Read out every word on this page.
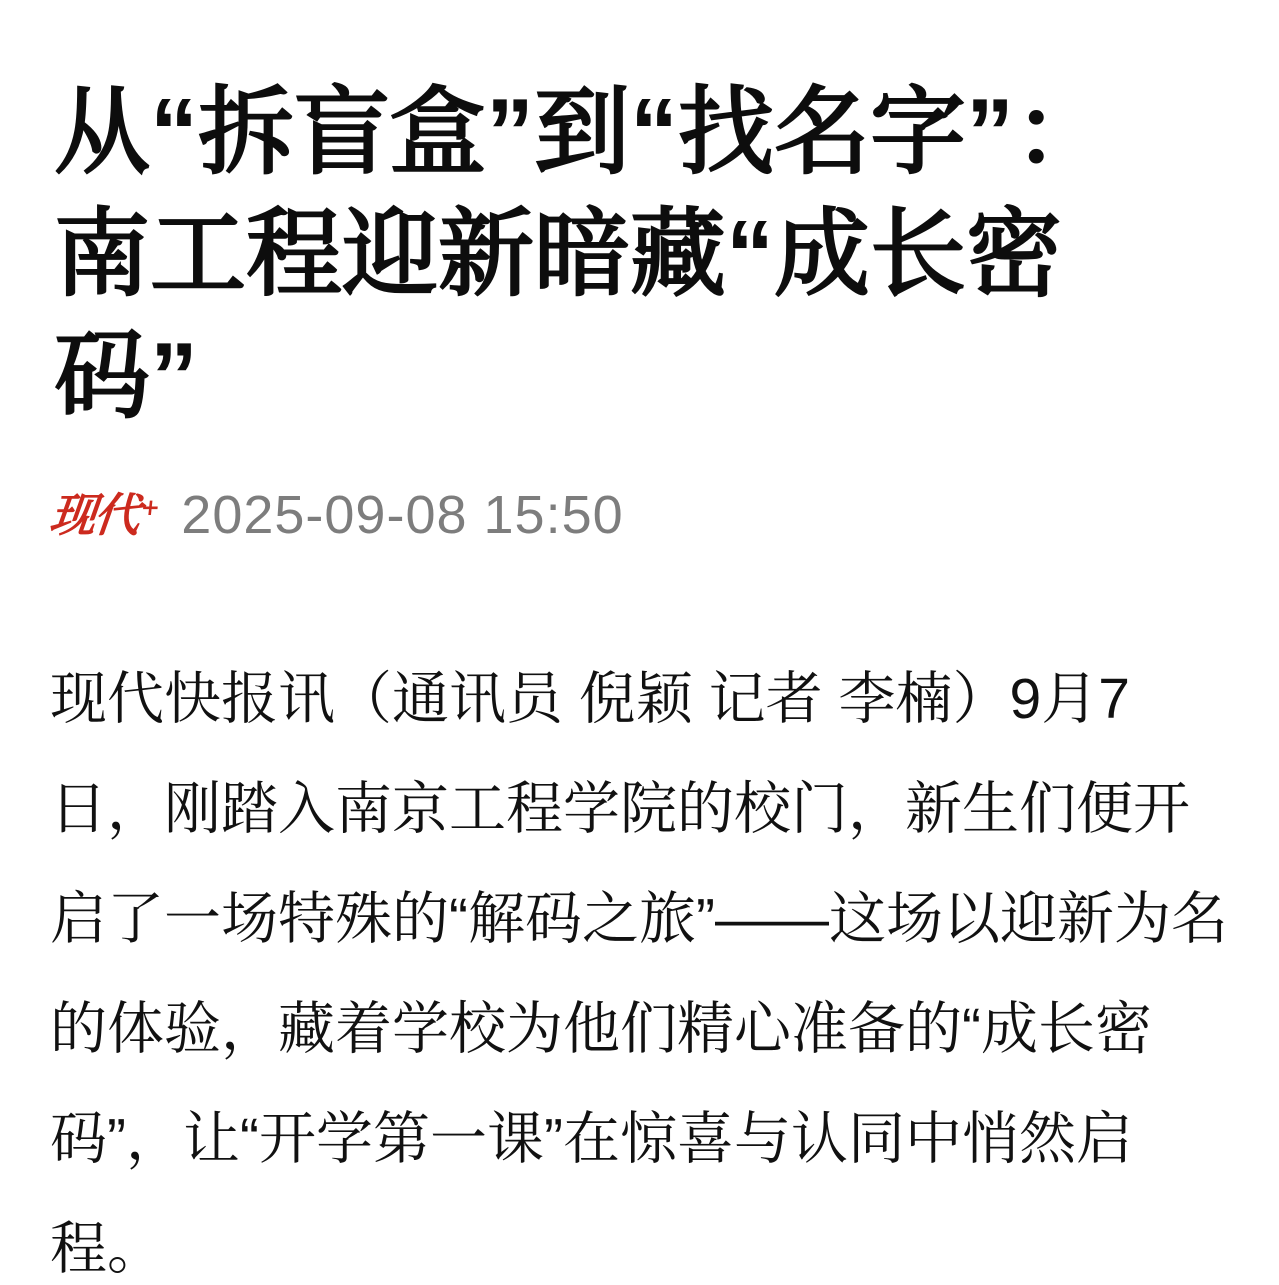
从“拆盲盒”到“找名字”：南工程迎新暗藏“成长密码”
现代+ 2025-09-08 15:50

现代快报讯（通讯员 倪颖 记者 李楠）9月7日，刚踏入南京工程学院的校门，新生们便开启了一场特殊的“解码之旅”——这场以迎新为名的体验，藏着学校为他们精心准备的“成长密码”，让“开学第一课”在惊喜与认同中悄然启程。
